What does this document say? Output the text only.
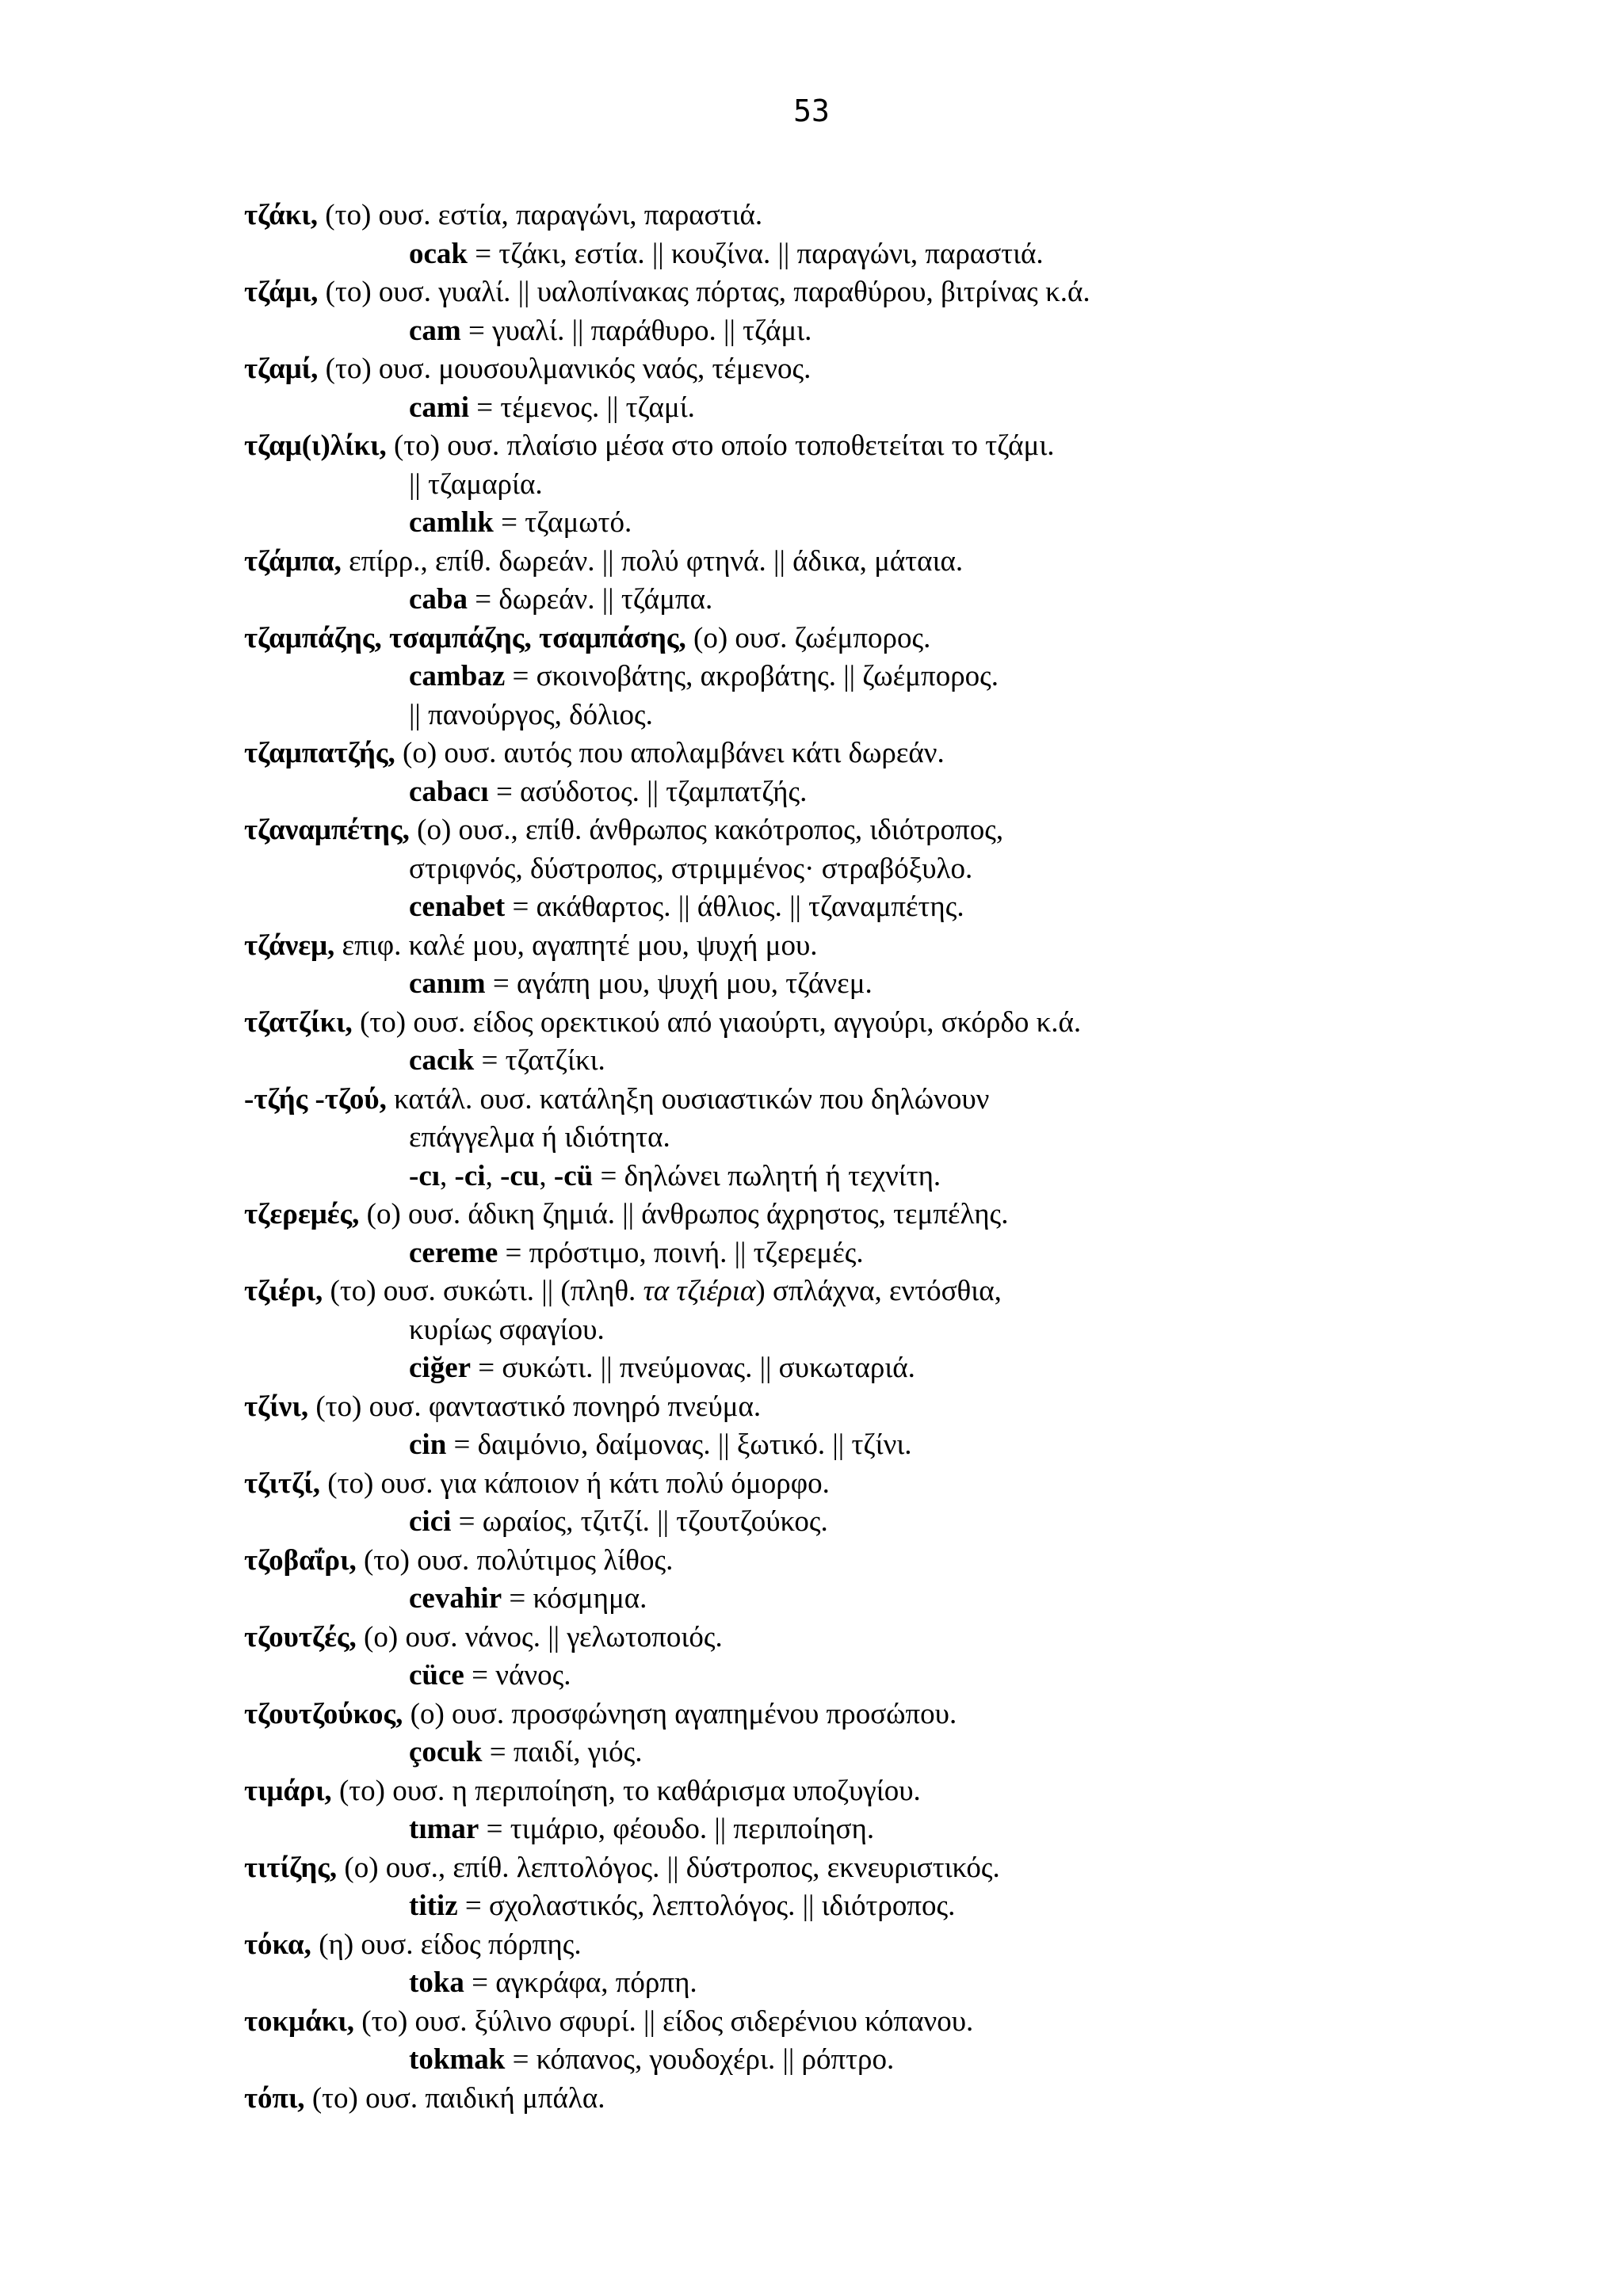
53
τζάκι, (το) ουσ. εστία, παραγώνι, παραστιά.
ocak = τζάκι, εστία. || κουζίνα. || παραγώνι, παραστιά.
τζάμι, (το) ουσ. γυαλί. || υαλοπίνακας πόρτας, παραθύρου, βιτρίνας κ.ά.
cam = γυαλί. || παράθυρο. || τζάμι.
τζαμί, (το) ουσ. μουσουλμανικός ναός, τέμενος.
cami = τέμενος. || τζαμί.
τζαμ(ι)λίκι, (το) ουσ. πλαίσιο μέσα στο οποίο τοποθετείται το τζάμι.
|| τζαμαρία.
camlık = τζαμωτό.
τζάμπα, επίρρ., επίθ. δωρεάν. || πολύ φτηνά. || άδικα, μάταια.
caba = δωρεάν. || τζάμπα.
τζαμπάζης, τσαμπάζης, τσαμπάσης, (ο) ουσ. ζωέμπορος.
cambaz = σκοινοβάτης, ακροβάτης. || ζωέμπορος.
|| πανούργος, δόλιος.
τζαμπατζής, (ο) ουσ. αυτός που απολαμβάνει κάτι δωρεάν.
cabacı = ασύδοτος. || τζαμπατζής.
τζαναμπέτης, (ο) ουσ., επίθ. άνθρωπος κακότροπος, ιδιότροπος,
στριφνός, δύστροπος, στριμμένος· στραβόξυλο.
cenabet = ακάθαρτος. || άθλιος. || τζαναμπέτης.
τζάνεμ, επιφ. καλέ μου, αγαπητέ μου, ψυχή μου.
canım = αγάπη μου, ψυχή μου, τζάνεμ.
τζατζίκι, (το) ουσ. είδος ορεκτικού από γιαούρτι, αγγούρι, σκόρδο κ.ά.
cacık = τζατζίκι.
-τζής -τζού, κατάλ. ουσ. κατάληξη ουσιαστικών που δηλώνουν
επάγγελμα ή ιδιότητα.
-cı, -ci, -cu, -cü = δηλώνει πωλητή ή τεχνίτη.
τζερεμές, (ο) ουσ. άδικη ζημιά. || άνθρωπος άχρηστος, τεμπέλης.
cereme = πρόστιμο, ποινή. || τζερεμές.
τζιέρι, (το) ουσ. συκώτι. || (πληθ. τα τζιέρια) σπλάχνα, εντόσθια,
κυρίως σφαγίου.
ciğer = συκώτι. || πνεύμονας. || συκωταριά.
τζίνι, (το) ουσ. φανταστικό πονηρό πνεύμα.
cin = δαιμόνιο, δαίμονας. || ξωτικό. || τζίνι.
τζιτζί, (το) ουσ. για κάποιον ή κάτι πολύ όμορφο.
cici = ωραίος, τζιτζί. || τζουτζούκος.
τζοβαΐρι, (το) ουσ. πολύτιμος λίθος.
cevahir = κόσμημα.
τζουτζές, (ο) ουσ. νάνος. || γελωτοποιός.
cüce = νάνος.
τζουτζούκος, (ο) ουσ. προσφώνηση αγαπημένου προσώπου.
çocuk = παιδί, γιός.
τιμάρι, (το) ουσ. η περιποίηση, το καθάρισμα υποζυγίου.
tımar = τιμάριο, φέουδο. || περιποίηση.
τιτίζης, (ο) ουσ., επίθ. λεπτολόγος. || δύστροπος, εκνευριστικός.
titiz = σχολαστικός, λεπτολόγος. || ιδιότροπος.
τόκα, (η) ουσ. είδος πόρπης.
toka = αγκράφα, πόρπη.
τοκμάκι, (το) ουσ. ξύλινο σφυρί. || είδος σιδερένιου κόπανου.
tokmak = κόπανος, γουδοχέρι. || ρόπτρο.
τόπι, (το) ουσ. παιδική μπάλα.
